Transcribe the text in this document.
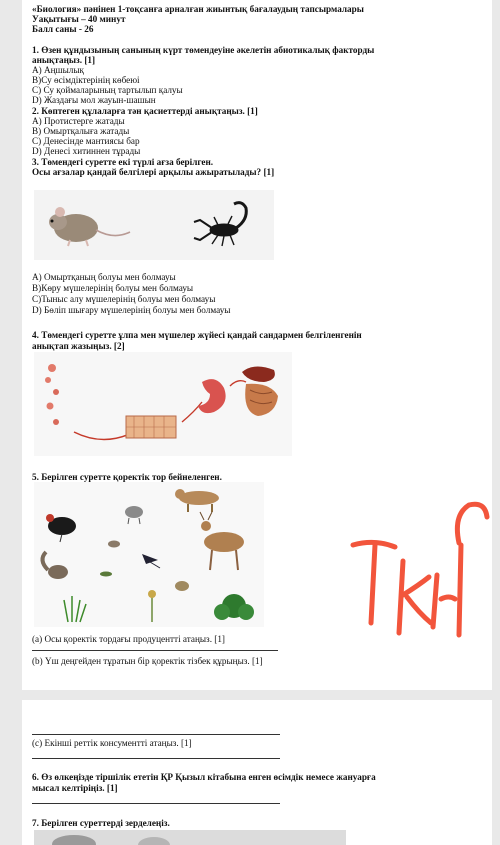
«Биология» пәнінен 1-тоқсанға арналған жиынтық бағалаудың тапсырмалары
Уақытығы – 40 минут
Балл саны - 26
1. Өзен құндызының санының күрт төмендеуіне әкелетін абиотикалық факторды
анықтаңыз. [1]
А) Аңшылық
В)Су өсімдіктерінің көбеюі
С) Су қоймаларының тартылып қалуы
D) Жаздағы мол жауын-шашын
2. Көптеген құлаларға тән қасиеттерді анықтаңыз. [1]
А) Протистерге жатады
В) Омыртқалыға жатады
С) Денесінде мантиясы бар
D) Денесі хитиннен тұрады
3. Төмендегі суретте екі түрлі ағза берілген.
Осы ағзалар қандай белгілері арқылы ажыратылады? [1]
А) Омыртқаның болуы мен болмауы
В)Көру мүшелерінің болуы мен болмауы
С)Тыныс алу мүшелерінің болуы мен болмауы
D) Бөліп шығару мүшелерінің болуы мен болмауы
4. Төмендегі суретте ұлпа мен мүшелер жүйесі қандай сандармен белгіленгенін
анықтап жазыңыз. [2]
5. Берілген суретте қоректік тор бейнеленген.
(а) Осы қоректік тордағы продуцентті атаңыз. [1]
(b) Үш деңгейден тұратын бір қоректік тізбек құрыңыз. [1]
(с) Екінші реттік консументті атаңыз. [1]
6. Өз өлкеңізде тіршілік ететін ҚР Қызыл кітабына енген өсімдік немесе жануарға
мысал келтіріңіз. [1]
7. Берілген суреттерді зерделеңіз.
